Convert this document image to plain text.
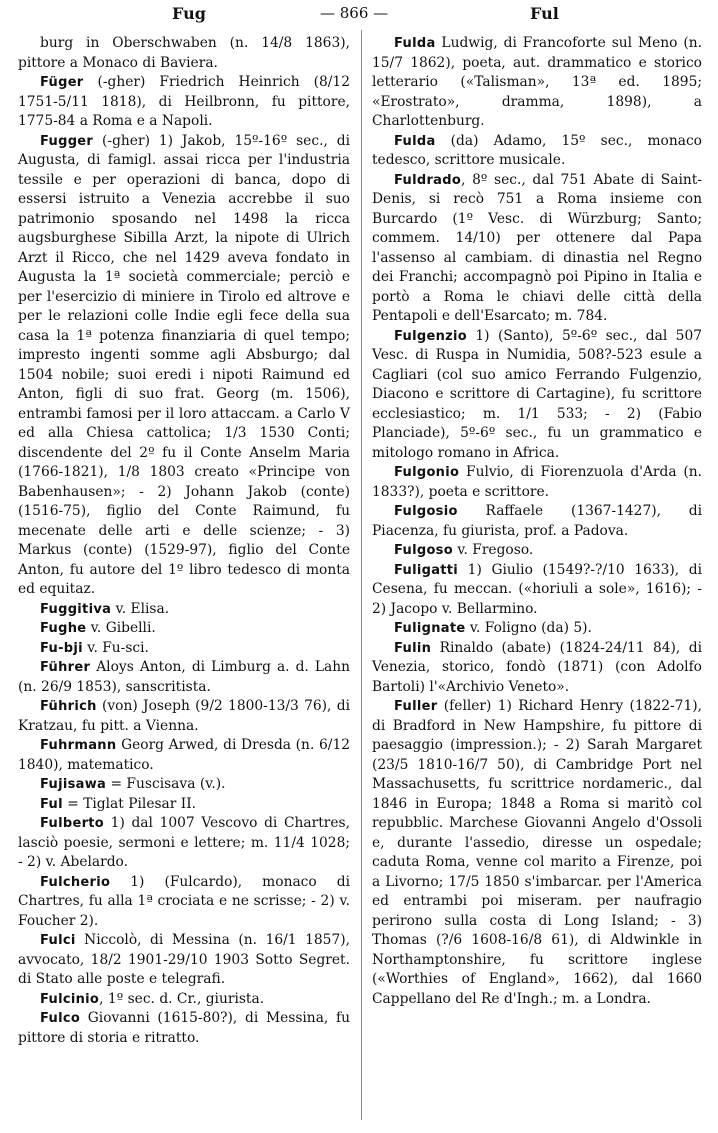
Fug	— 866 —	Ful

burg in Oberschwaben (n. 14/8 1863), pittore a Monaco di Baviera.

Füger (-gher) Friedrich Heinrich (8/12 1751-5/11 1818), di Heilbronn, fu pittore, 1775-84 a Roma e a Napoli.

Fugger (-gher) 1) Jakob, 15º-16º sec., di Augusta, di famigl. assai ricca per l'industria tessile e per operazioni di banca, dopo di essersi istruito a Venezia accrebbe il suo patrimonio sposando nel 1498 la ricca augsburghese Sibilla Arzt, la nipote di Ulrich Arzt il Ricco, che nel 1429 aveva fondato in Augusta la 1ª società commerciale; perciò e per l'esercizio di miniere in Tirolo ed altrove e per le relazioni colle Indie egli fece della sua casa la 1ª potenza finanziaria di quel tempo; impresto ingenti somme agli Absburgo; dal 1504 nobile; suoi eredi i nipoti Raimund ed Anton, figli di suo frat. Georg (m. 1506), entrambi famosi per il loro attaccam. a Carlo V ed alla Chiesa cattolica; 1/3 1530 Conti; discendente del 2º fu il Conte Anselm Maria (1766-1821), 1/8 1803 creato «Principe von Babenhausen»; - 2) Johann Jakob (conte) (1516-75), figlio del Conte Raimund, fu mecenate delle arti e delle scienze; - 3) Markus (conte) (1529-97), figlio del Conte Anton, fu autore del 1º libro tedesco di monta ed equitaz.

Fuggitiva v. Elisa.

Fughe v. Gibelli.

Fu-bji v. Fu-sci.

Führer Aloys Anton, di Limburg a. d. Lahn (n. 26/9 1853), sanscritista.

Führich (von) Joseph (9/2 1800-13/3 76), di Kratzau, fu pitt. a Vienna.

Fuhrmann Georg Arwed, di Dresda (n. 6/12 1840), matematico.

Fujisawa = Fuscisava (v.).

Ful = Tiglat Pilesar II.

Fulberto 1) dal 1007 Vescovo di Chartres, lasciò poesie, sermoni e lettere; m. 11/4 1028; - 2) v. Abelardo.

Fulcherio 1) (Fulcardo), monaco di Chartres, fu alla 1ª crociata e ne scrisse; - 2) v. Foucher 2).

Fulci Niccolò, di Messina (n. 16/1 1857), avvocato, 18/2 1901-29/10 1903 Sotto Segret. di Stato alle poste e telegrafi.

Fulcinio, 1º sec. d. Cr., giurista.

Fulco Giovanni (1615-80?), di Messina, fu pittore di storia e ritratto.

Fulda Ludwig, di Francoforte sul Meno (n. 15/7 1862), poeta, aut. drammatico e storico letterario («Talisman», 13ª ed. 1895; «Erostrato», dramma, 1898), a Charlottenburg.

Fulda (da) Adamo, 15º sec., monaco tedesco, scrittore musicale.

Fuldrado, 8º sec., dal 751 Abate di Saint-Denis, si recò 751 a Roma insieme con Burcardo (1º Vesc. di Würzburg; Santo; commem. 14/10) per ottenere dal Papa l'assenso al cambiam. di dinastia nel Regno dei Franchi; accompagnò poi Pipino in Italia e portò a Roma le chiavi delle città della Pentapoli e dell'Esarcato; m. 784.

Fulgenzio 1) (Santo), 5º-6º sec., dal 507 Vesc. di Ruspa in Numidia, 508?-523 esule a Cagliari (col suo amico Ferrando Fulgenzio, Diacono e scrittore di Cartagine), fu scrittore ecclesiastico; m. 1/1 533; - 2) (Fabio Planciade), 5º-6º sec., fu un grammatico e mitologo romano in Africa.

Fulgonio Fulvio, di Fiorenzuola d'Arda (n. 1833?), poeta e scrittore.

Fulgosio Raffaele (1367-1427), di Piacenza, fu giurista, prof. a Padova.

Fulgoso v. Fregoso.

Fuligatti 1) Giulio (1549?-?/10 1633), di Cesena, fu meccan. («horiuli a sole», 1616); - 2) Jacopo v. Bellarmino.

Fulignate v. Foligno (da) 5).

Fulin Rinaldo (abate) (1824-24/11 84), di Venezia, storico, fondò (1871) (con Adolfo Bartoli) l'«Archivio Veneto».

Fuller (feller) 1) Richard Henry (1822-71), di Bradford in New Hampshire, fu pittore di paesaggio (impression.); - 2) Sarah Margaret (23/5 1810-16/7 50), di Cambridge Port nel Massachusetts, fu scrittrice nordameric., dal 1846 in Europa; 1848 a Roma si maritò col repubblic. Marchese Giovanni Angelo d'Ossoli e, durante l'assedio, diresse un ospedale; caduta Roma, venne col marito a Firenze, poi a Livorno; 17/5 1850 s'imbarcar. per l'America ed entrambi poi miseram. per naufragio perirono sulla costa di Long Island; - 3) Thomas (?/6 1608-16/8 61), di Aldwinkle in Northamptonshire, fu scrittore inglese («Worthies of England», 1662), dal 1660 Cappellano del Re d'Ingh.; m. a Londra.
